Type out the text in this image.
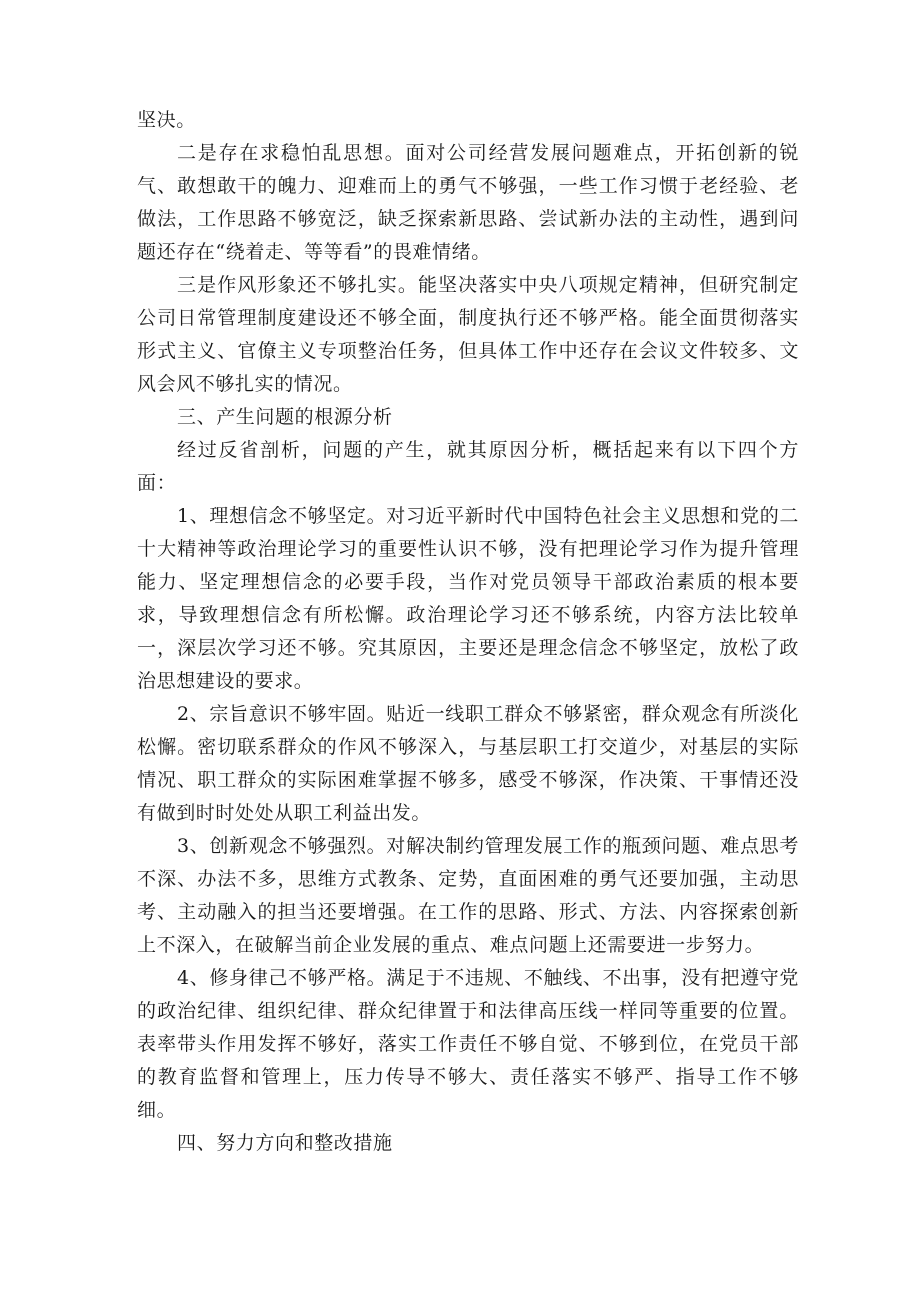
坚决。

二是存在求稳怕乱思想。面对公司经营发展问题难点，开拓创新的锐气、敢想敢干的魄力、迎难而上的勇气不够强，一些工作习惯于老经验、老做法，工作思路不够宽泛，缺乏探索新思路、尝试新办法的主动性，遇到问题还存在“绕着走、等等看”的畏难情绪。

三是作风形象还不够扎实。能坚决落实中央八项规定精神，但研究制定公司日常管理制度建设还不够全面，制度执行还不够严格。能全面贯彻落实形式主义、官僚主义专项整治任务，但具体工作中还存在会议文件较多、文风会风不够扎实的情况。

三、产生问题的根源分析

经过反省剖析，问题的产生，就其原因分析，概括起来有以下四个方面：

1、理想信念不够坚定。对习近平新时代中国特色社会主义思想和党的二十大精神等政治理论学习的重要性认识不够，没有把理论学习作为提升管理能力、坚定理想信念的必要手段，当作对党员领导干部政治素质的根本要求，导致理想信念有所松懈。政治理论学习还不够系统，内容方法比较单一，深层次学习还不够。究其原因，主要还是理念信念不够坚定，放松了政治思想建设的要求。

2、宗旨意识不够牢固。贴近一线职工群众不够紧密，群众观念有所淡化松懈。密切联系群众的作风不够深入，与基层职工打交道少，对基层的实际情况、职工群众的实际困难掌握不够多，感受不够深，作决策、干事情还没有做到时时处处从职工利益出发。

3、创新观念不够强烈。对解决制约管理发展工作的瓶颈问题、难点思考不深、办法不多，思维方式教条、定势，直面困难的勇气还要加强，主动思考、主动融入的担当还要增强。在工作的思路、形式、方法、内容探索创新上不深入，在破解当前企业发展的重点、难点问题上还需要进一步努力。

4、修身律己不够严格。满足于不违规、不触线、不出事，没有把遵守党的政治纪律、组织纪律、群众纪律置于和法律高压线一样同等重要的位置。表率带头作用发挥不够好，落实工作责任不够自觉、不够到位，在党员干部的教育监督和管理上，压力传导不够大、责任落实不够严、指导工作不够细。

四、努力方向和整改措施
